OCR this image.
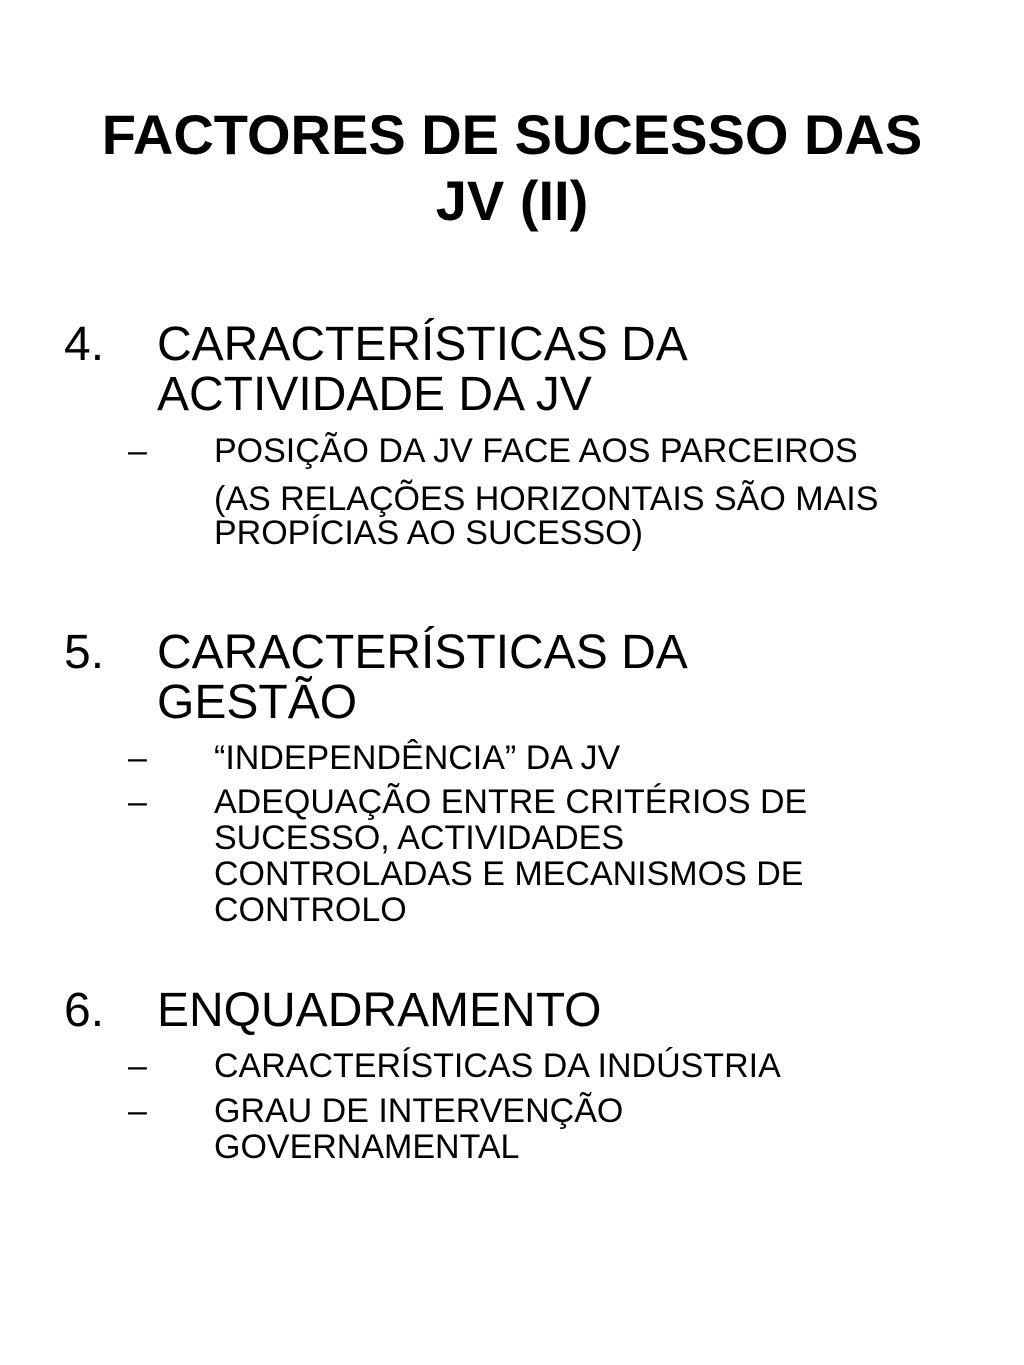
FACTORES DE SUCESSO DAS
JV (II)
4. CARACTERÍSTICAS DA
ACTIVIDADE DA JV
– POSIÇÃO DA JV FACE AOS PARCEIROS
(AS RELAÇÕES HORIZONTAIS SÃO MAIS
PROPÍCIAS AO SUCESSO)
5. CARACTERÍSTICAS DA
GESTÃO
– “INDEPENDÊNCIA” DA JV
– ADEQUAÇÃO ENTRE CRITÉRIOS DE
SUCESSO, ACTIVIDADES
CONTROLADAS E MECANISMOS DE
CONTROLO
6. ENQUADRAMENTO
– CARACTERÍSTICAS DA INDÚSTRIA
– GRAU DE INTERVENÇÃO
GOVERNAMENTAL
